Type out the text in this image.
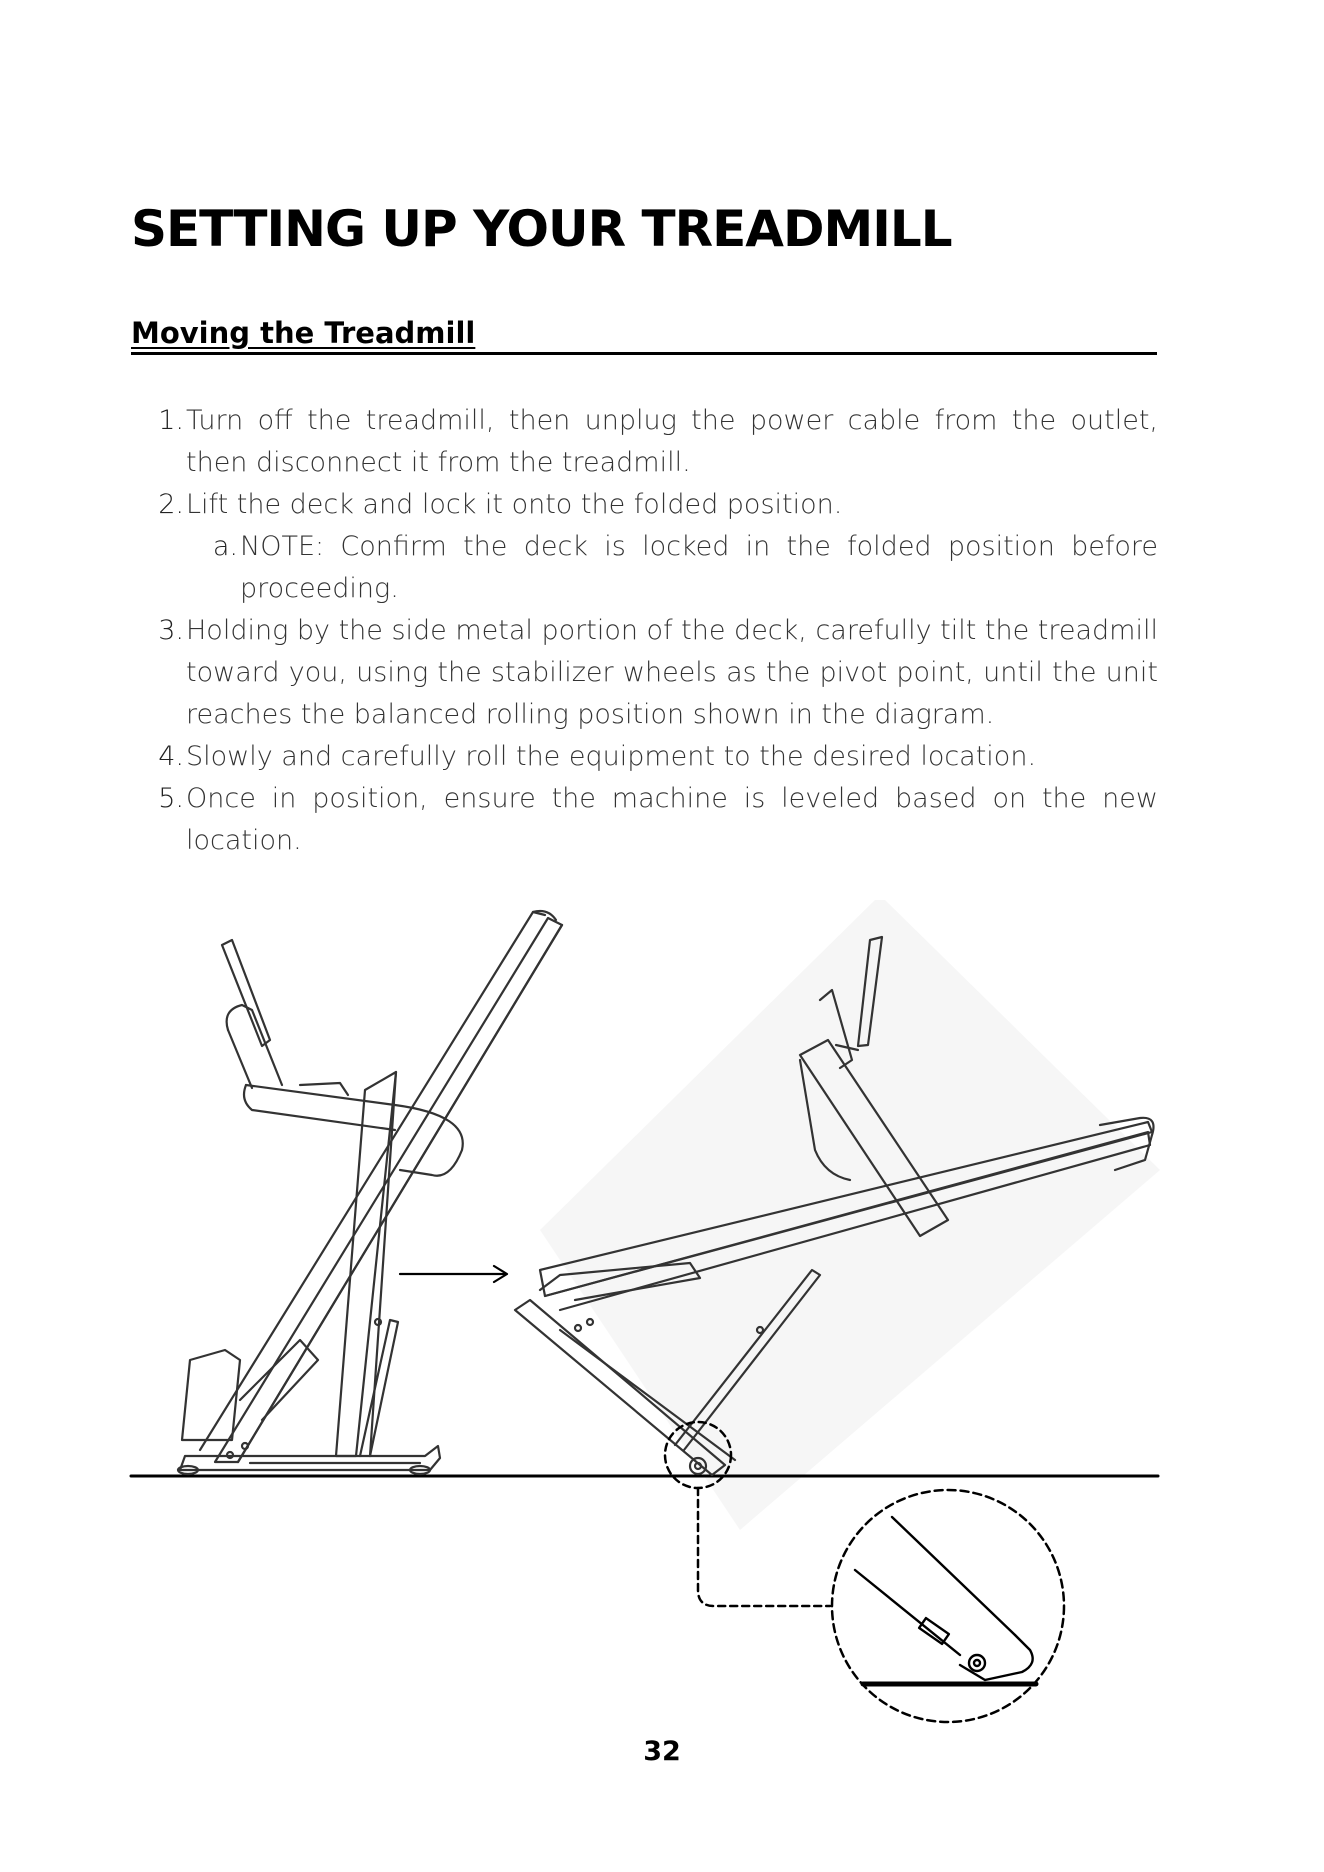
SETTING UP YOUR TREADMILL
Moving the Treadmill
1. Turn off the treadmill, then unplug the power cable from the outlet, then disconnect it from the treadmill.
2. Lift the deck and lock it onto the folded position.
a. NOTE: Confirm the deck is locked in the folded position before proceeding.
3. Holding by the side metal portion of the deck, carefully tilt the treadmill toward you, using the stabilizer wheels as the pivot point, until the unit reaches the balanced rolling position shown in the diagram.
4. Slowly and carefully roll the equipment to the desired location.
5. Once in position, ensure the machine is leveled based on the new location.
32
